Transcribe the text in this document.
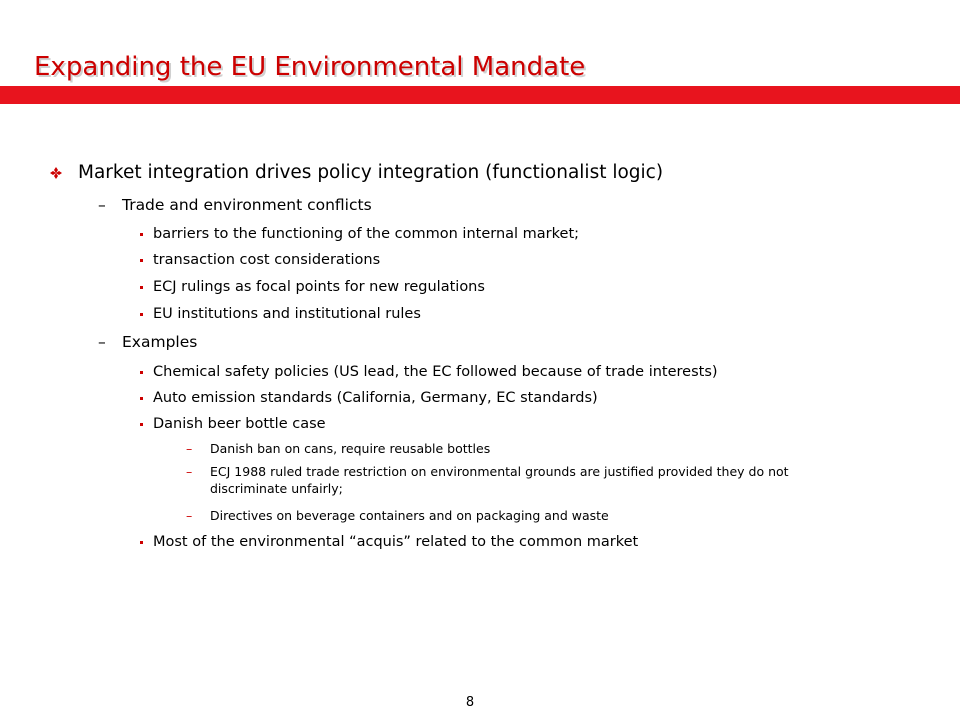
Expanding the EU Environmental Mandate
Market integration drives policy integration (functionalist logic)
– Trade and environment conflicts
barriers to the functioning of the common internal market;
transaction cost considerations
ECJ rulings as focal points for new regulations
EU institutions and institutional rules
– Examples
Chemical safety policies (US lead, the EC followed because of trade interests)
Auto emission standards (California, Germany, EC standards)
Danish beer bottle case
– Danish ban on cans, require reusable bottles
– ECJ 1988 ruled trade restriction on environmental grounds are justified provided they do not discriminate unfairly;
– Directives on beverage containers and on packaging and waste
Most of the environmental “acquis” related to the common market
8
